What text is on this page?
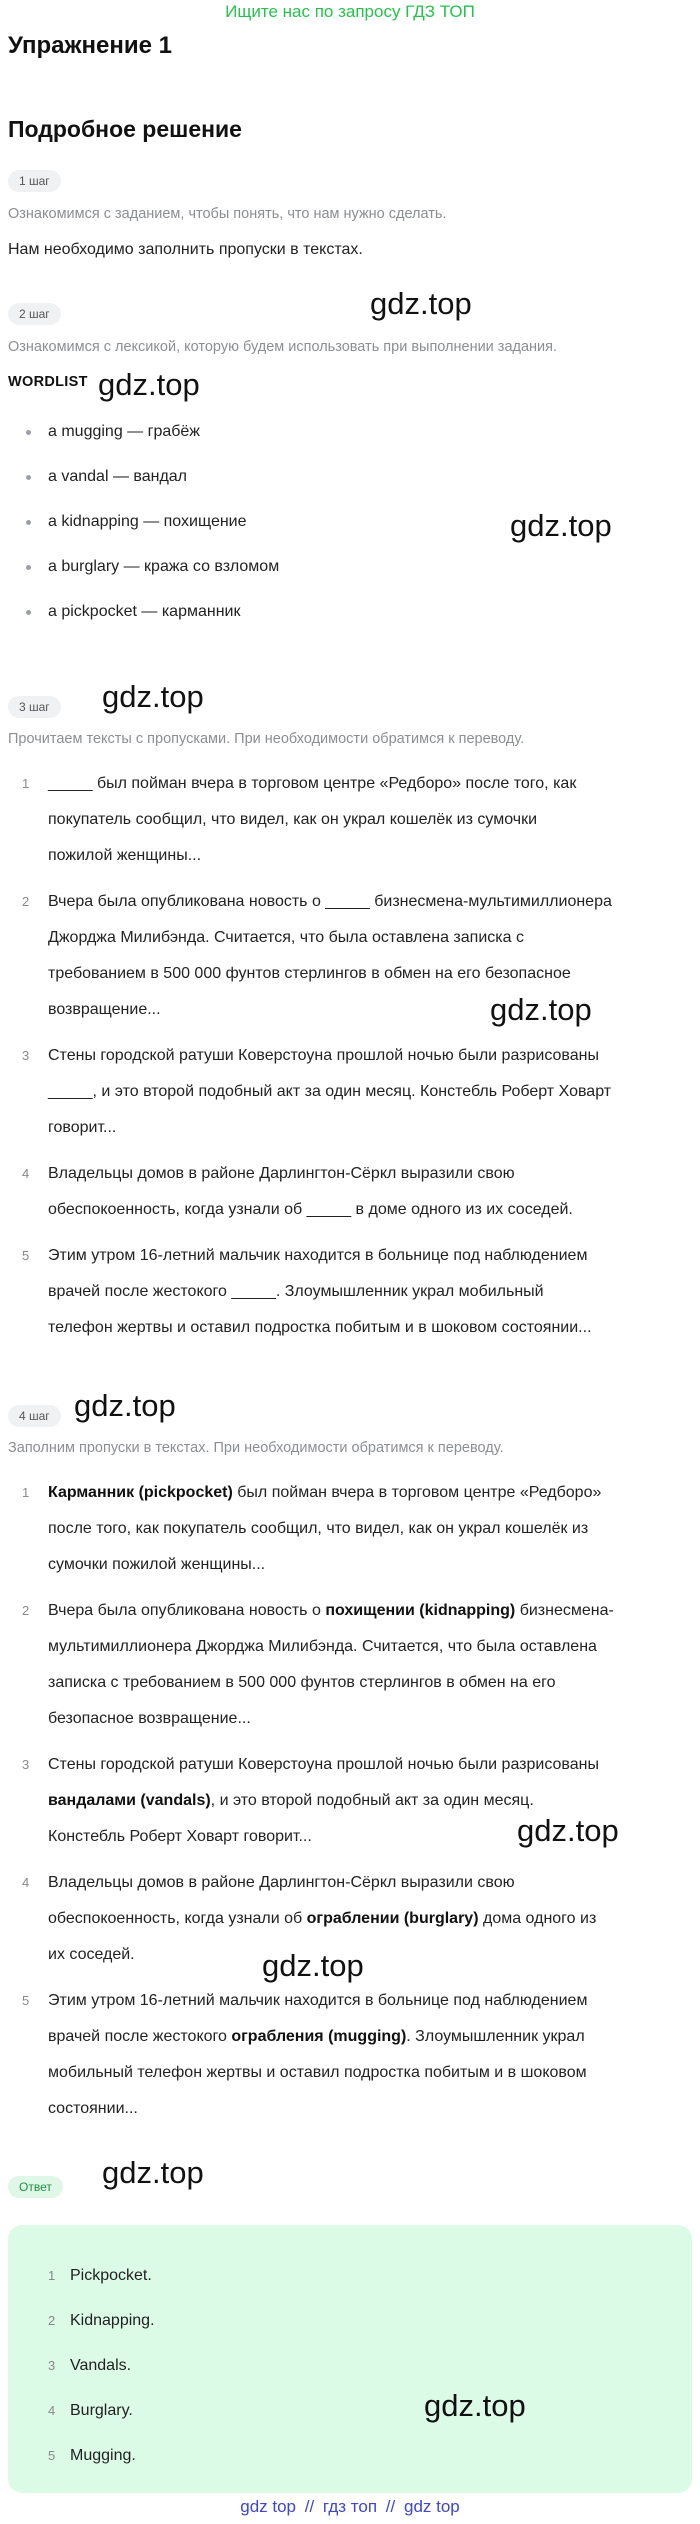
Ищите нас по запросу ГДЗ ТОП
Упражнение 1
Подробное решение
1 шаг
Ознакомимся с заданием, чтобы понять, что нам нужно сделать.
Нам необходимо заполнить пропуски в текстах.
2 шаг
Ознакомимся с лексикой, которую будем использовать при выполнении задания.
WORDLIST
a mugging — грабёж
a vandal — вандал
a kidnapping — похищение
a burglary — кража со взломом
a pickpocket — карманник
3 шаг
Прочитаем тексты с пропусками. При необходимости обратимся к переводу.
1 _____ был пойман вчера в торговом центре «Редборо» после того, как
покупатель сообщил, что видел, как он украл кошелёк из сумочки
пожилой женщины...
2 Вчера была опубликована новость о _____ бизнесмена-мультимиллионера
Джорджа Милибэнда. Считается, что была оставлена записка с
требованием в 500 000 фунтов стерлингов в обмен на его безопасное
возвращение...
3 Стены городской ратуши Коверстоуна прошлой ночью были разрисованы
_____, и это второй подобный акт за один месяц. Констебль Роберт Ховарт
говорит...
4 Владельцы домов в районе Дарлингтон-Сёркл выразили свою
обеспокоенность, когда узнали об _____ в доме одного из их соседей.
5 Этим утром 16-летний мальчик находится в больнице под наблюдением
врачей после жестокого _____. Злоумышленник украл мобильный
телефон жертвы и оставил подростка побитым и в шоковом состоянии...
4 шаг
Заполним пропуски в текстах. При необходимости обратимся к переводу.
1 Карманник (pickpocket) был пойман вчера в торговом центре «Редборо»
после того, как покупатель сообщил, что видел, как он украл кошелёк из
сумочки пожилой женщины...
2 Вчера была опубликована новость о похищении (kidnapping) бизнесмена-
мультимиллионера Джорджа Милибэнда. Считается, что была оставлена
записка с требованием в 500 000 фунтов стерлингов в обмен на его
безопасное возвращение...
3 Стены городской ратуши Коверстоуна прошлой ночью были разрисованы
вандалами (vandals), и это второй подобный акт за один месяц.
Констебль Роберт Ховарт говорит...
4 Владельцы домов в районе Дарлингтон-Сёркл выразили свою
обеспокоенность, когда узнали об ограблении (burglary) дома одного из
их соседей.
5 Этим утром 16-летний мальчик находится в больнице под наблюдением
врачей после жестокого ограбления (mugging). Злоумышленник украл
мобильный телефон жертвы и оставил подростка побитым и в шоковом
состоянии...
Ответ
1 Pickpocket.
2 Kidnapping.
3 Vandals.
4 Burglary.
5 Mugging.
gdz.top
gdz.top
gdz.top
gdz.top
gdz.top
gdz.top
gdz.top
gdz.top
gdz.top
gdz.top
gdz top // гдз топ // gdz top
